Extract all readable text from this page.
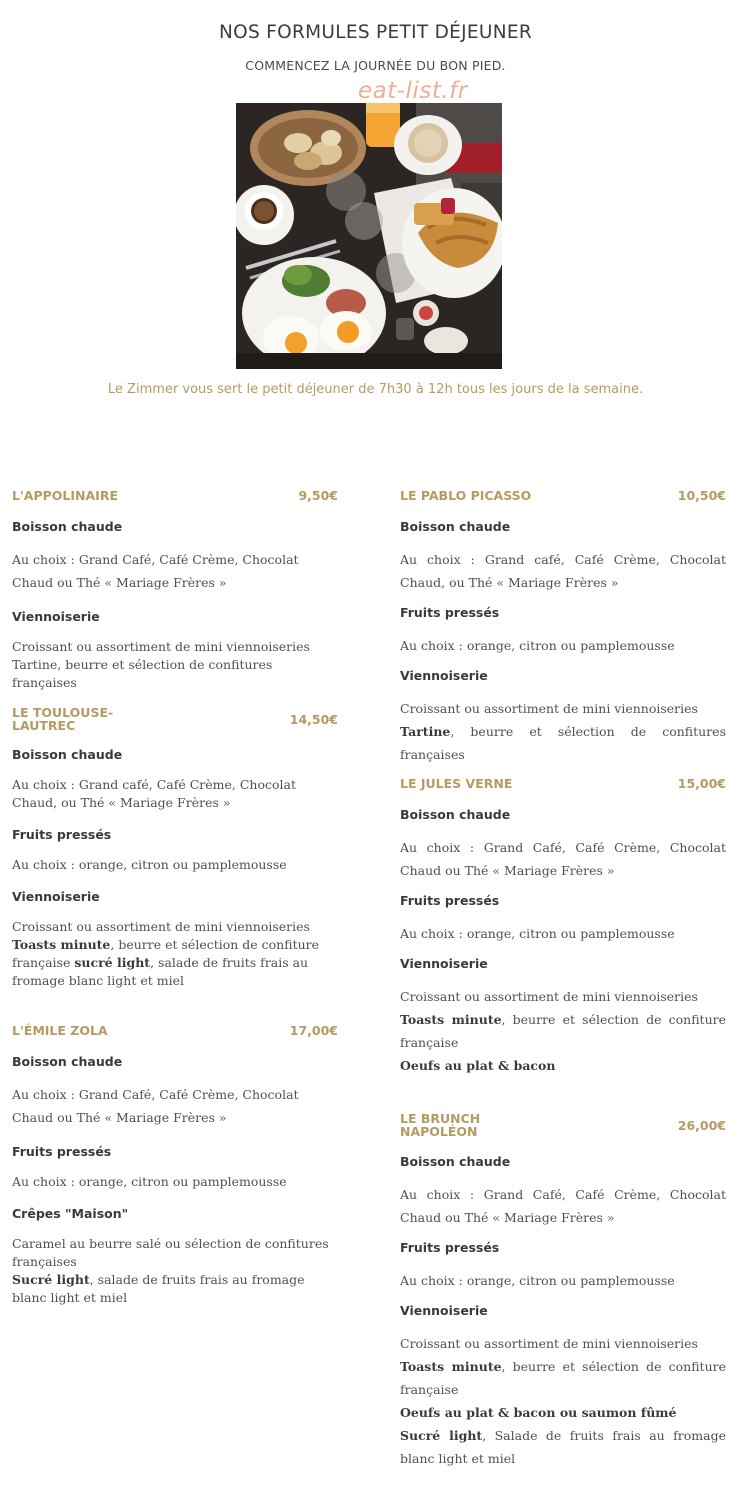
NOS FORMULES PETIT DÉJEUNER
COMMENCEZ LA JOURNÉE DU BON PIED.
eat-list.fr
Le Zimmer vous sert le petit déjeuner de 7h30 à 12h tous les jours de la semaine.
L'APPOLINAIRE	9,50€
Boisson chaude
Au choix : Grand Café, Café Crème, Chocolat Chaud ou Thé « Mariage Frères »
Viennoiserie
Croissant ou assortiment de mini viennoiseries
Tartine, beurre et sélection de confitures françaises
LE TOULOUSE-LAUTREC	14,50€
Boisson chaude
Au choix : Grand café, Café Crème, Chocolat Chaud, ou Thé « Mariage Frères »
Fruits pressés
Au choix : orange, citron ou pamplemousse
Viennoiserie
Croissant ou assortiment de mini viennoiseries
Toasts minute, beurre et sélection de confiture française sucré light, salade de fruits frais au fromage blanc light et miel
L'ÉMILE ZOLA	17,00€
Boisson chaude
Au choix : Grand Café, Café Crème, Chocolat Chaud ou Thé « Mariage Frères »
Fruits pressés
Au choix : orange, citron ou pamplemousse
Crêpes "Maison"
Caramel au beurre salé ou sélection de confitures françaises
Sucré light, salade de fruits frais au fromage blanc light et miel
LE PABLO PICASSO	10,50€
Boisson chaude
Au choix : Grand café, Café Crème, Chocolat Chaud, ou Thé « Mariage Frères »
Fruits pressés
Au choix : orange, citron ou pamplemousse
Viennoiserie
Croissant ou assortiment de mini viennoiseries
Tartine, beurre et sélection de confitures françaises
LE JULES VERNE	15,00€
Boisson chaude
Au choix : Grand Café, Café Crème, Chocolat Chaud ou Thé « Mariage Frères »
Fruits pressés
Au choix : orange, citron ou pamplemousse
Viennoiserie
Croissant ou assortiment de mini viennoiseries
Toasts minute, beurre et sélection de confiture française
Oeufs au plat & bacon
LE BRUNCH NAPOLÉON	26,00€
Boisson chaude
Au choix : Grand Café, Café Crème, Chocolat Chaud ou Thé « Mariage Frères »
Fruits pressés
Au choix : orange, citron ou pamplemousse
Viennoiserie
Croissant ou assortiment de mini viennoiseries
Toasts minute, beurre et sélection de confiture française
Oeufs au plat & bacon ou saumon fûmé
Sucré light, Salade de fruits frais au fromage blanc light et miel
